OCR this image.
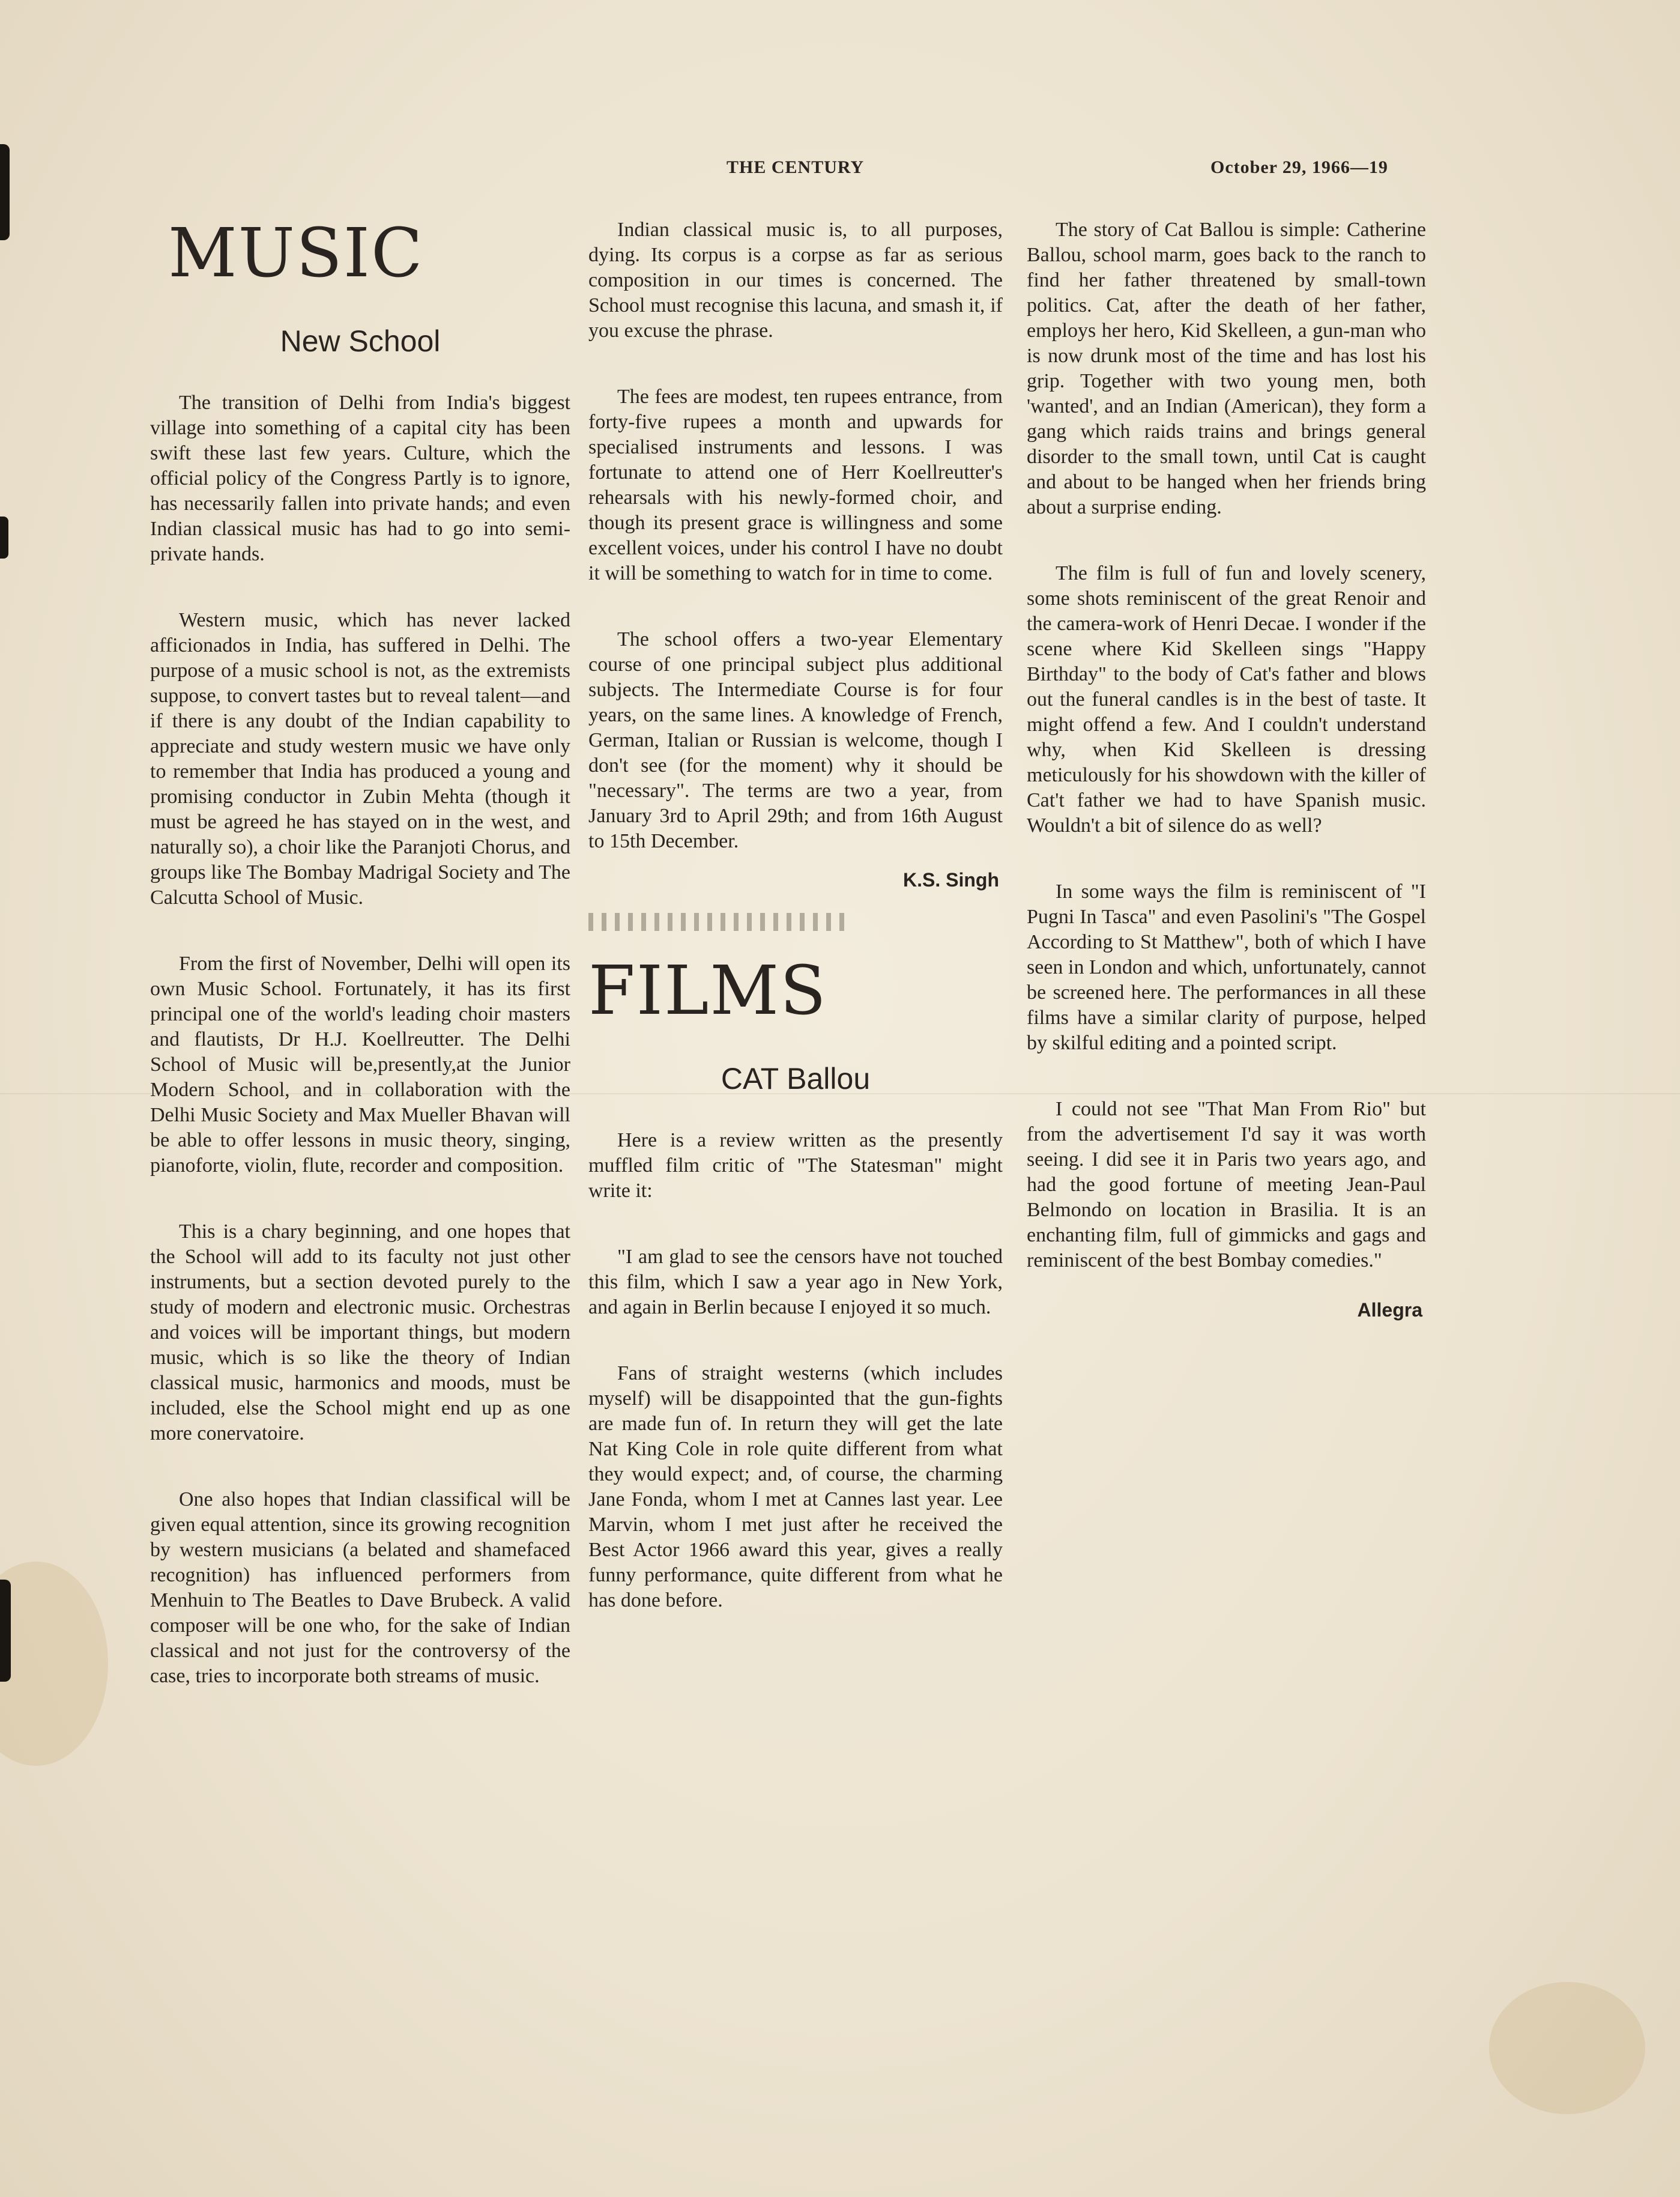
THE CENTURY	October 29, 1966—19
MUSIC
New School

The transition of Delhi from India's biggest village into something of a capital city has been swift these last few years. Culture, which the official policy of the Congress Partly is to ignore, has necessarily fallen into private hands; and even Indian classical music has had to go into semi-private hands.

Western music, which has never lacked afficionados in India, has suffered in Delhi. The purpose of a music school is not, as the extremists suppose, to convert tastes but to reveal talent—and if there is any doubt of the Indian capability to appreciate and study western music we have only to remember that India has produced a young and promising conductor in Zubin Mehta (though it must be agreed he has stayed on in the west, and naturally so), a choir like the Paranjoti Chorus, and groups like The Bombay Madrigal Society and The Calcutta School of Music.

From the first of November, Delhi will open its own Music School. Fortunately, it has its first principal one of the world's leading choir masters and flautists, Dr H.J. Koellreutter. The Delhi School of Music will be,presently,at the Junior Modern School, and in collaboration with the Delhi Music Society and Max Mueller Bhavan will be able to offer lessons in music theory, singing, pianoforte, violin, flute, recorder and composition.

This is a chary beginning, and one hopes that the School will add to its faculty not just other instruments, but a section devoted purely to the study of modern and electronic music. Orchestras and voices will be important things, but modern music, which is so like the theory of Indian classical music, harmonics and moods, must be included, else the School might end up as one more conervatoire.

One also hopes that Indian classifical will be given equal attention, since its growing recognition by western musicians (a belated and shamefaced recognition) has influenced performers from Menhuin to The Beatles to Dave Brubeck. A valid composer will be one who, for the sake of Indian classical and not just for the controversy of the case, tries to incorporate both streams of music.

Indian classical music is, to all purposes, dying. Its corpus is a corpse as far as serious composition in our times is concerned. The School must recognise this lacuna, and smash it, if you excuse the phrase.

The fees are modest, ten rupees entrance, from forty-five rupees a month and upwards for specialised instruments and lessons. I was fortunate to attend one of Herr Koellreutter's rehearsals with his newly-formed choir, and though its present grace is willingness and some excellent voices, under his control I have no doubt it will be something to watch for in time to come.

The school offers a two-year Elementary course of one principal subject plus additional subjects. The Intermediate Course is for four years, on the same lines. A knowledge of French, German, Italian or Russian is welcome, though I don't see (for the moment) why it should be "necessary". The terms are two a year, from January 3rd to April 29th; and from 16th August to 15th December.

K.S. Singh
FILMS
CAT Ballou

Here is a review written as the presently muffled film critic of "The Statesman" might write it:

"I am glad to see the censors have not touched this film, which I saw a year ago in New York, and again in Berlin because I enjoyed it so much.

Fans of straight westerns (which includes myself) will be disappointed that the gun-fights are made fun of. In return they will get the late Nat King Cole in role quite different from what they would expect; and, of course, the charming Jane Fonda, whom I met at Cannes last year. Lee Marvin, whom I met just after he received the Best Actor 1966 award this year, gives a really funny performance, quite different from what he has done before.

The story of Cat Ballou is simple: Catherine Ballou, school marm, goes back to the ranch to find her father threatened by small-town politics. Cat, after the death of her father, employs her hero, Kid Skelleen, a gun-man who is now drunk most of the time and has lost his grip. Together with two young men, both 'wanted', and an Indian (American), they form a gang which raids trains and brings general disorder to the small town, until Cat is caught and about to be hanged when her friends bring about a surprise ending.

The film is full of fun and lovely scenery, some shots reminiscent of the great Renoir and the camera-work of Henri Decae. I wonder if the scene where Kid Skelleen sings "Happy Birthday" to the body of Cat's father and blows out the funeral candles is in the best of taste. It might offend a few. And I couldn't understand why, when Kid Skelleen is dressing meticulously for his showdown with the killer of Cat't father we had to have Spanish music. Wouldn't a bit of silence do as well?

In some ways the film is reminiscent of "I Pugni In Tasca" and even Pasolini's "The Gospel According to St Matthew", both of which I have seen in London and which, unfortunately, cannot be screened here. The performances in all these films have a similar clarity of purpose, helped by skilful editing and a pointed script.

I could not see "That Man From Rio" but from the advertisement I'd say it was worth seeing. I did see it in Paris two years ago, and had the good fortune of meeting Jean-Paul Belmondo on location in Brasilia. It is an enchanting film, full of gimmicks and gags and reminiscent of the best Bombay comedies."

Allegra
